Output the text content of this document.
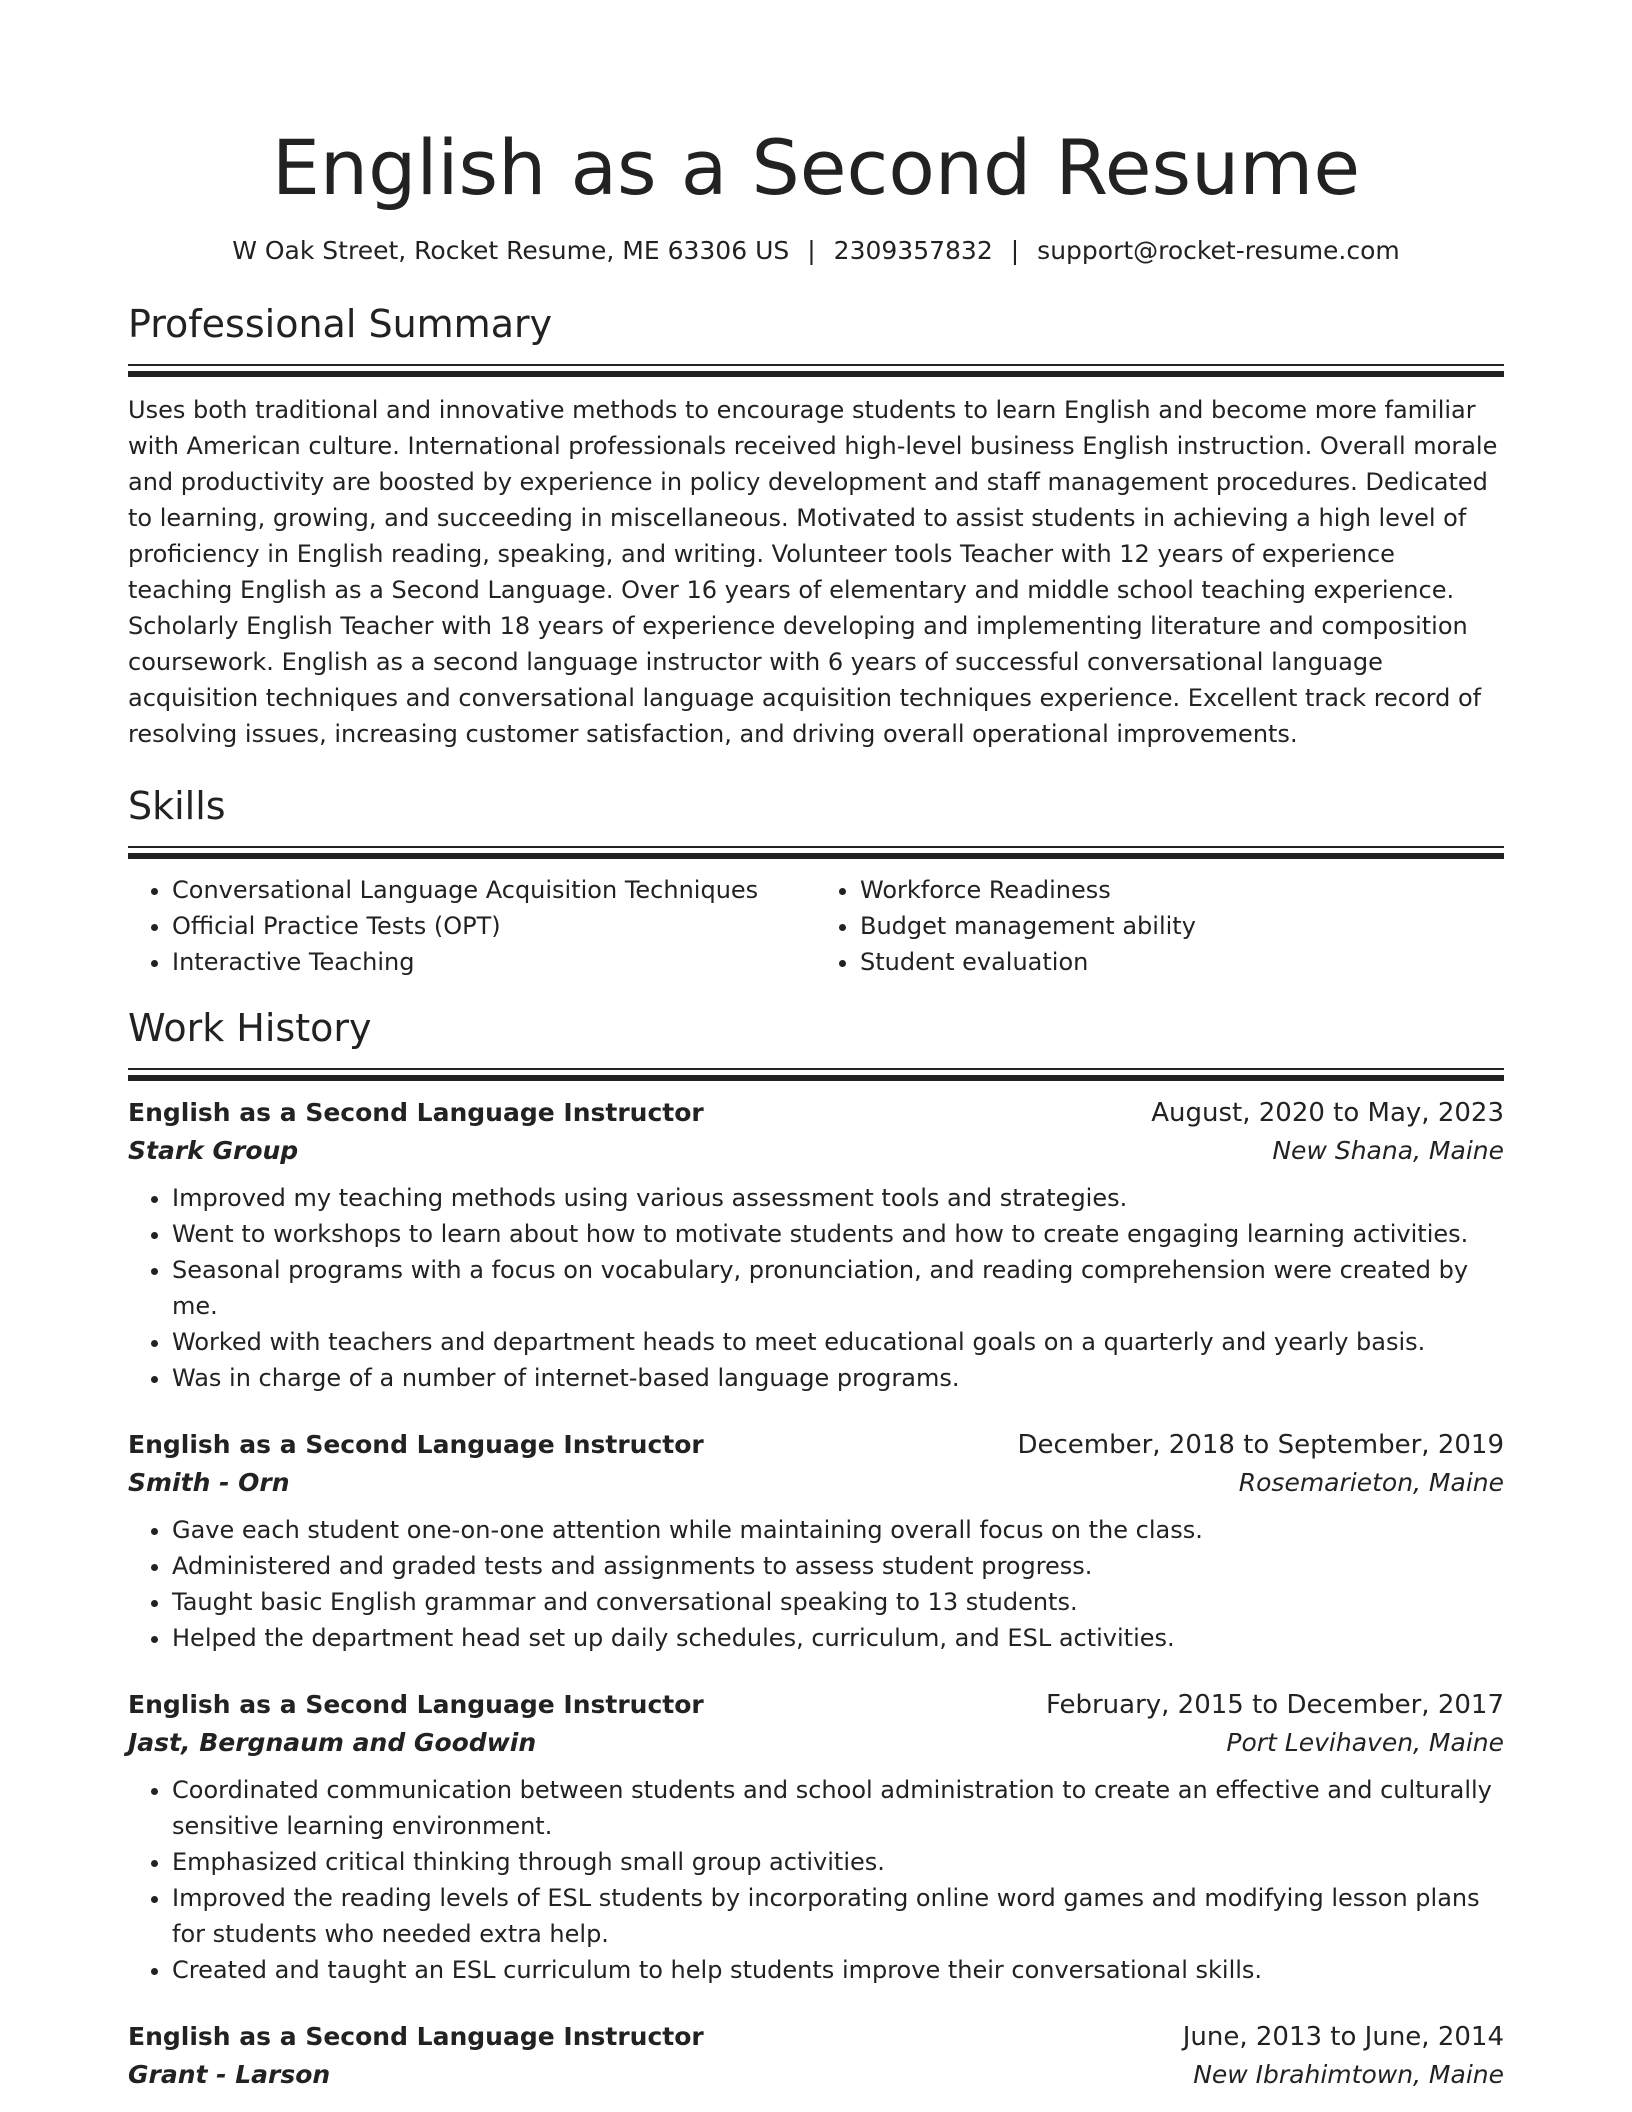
English as a Second Resume
W Oak Street, Rocket Resume, ME 63306 US | 2309357832 | support@rocket-resume.com
Professional Summary

Uses both traditional and innovative methods to encourage students to learn English and become more familiar with American culture. International professionals received high-level business English instruction. Overall morale and productivity are boosted by experience in policy development and staff management procedures. Dedicated to learning, growing, and succeeding in miscellaneous. Motivated to assist students in achieving a high level of proficiency in English reading, speaking, and writing. Volunteer tools Teacher with 12 years of experience teaching English as a Second Language. Over 16 years of elementary and middle school teaching experience. Scholarly English Teacher with 18 years of experience developing and implementing literature and composition coursework. English as a second language instructor with 6 years of successful conversational language acquisition techniques and conversational language acquisition techniques experience. Excellent track record of resolving issues, increasing customer satisfaction, and driving overall operational improvements.

Skills
• Conversational Language Acquisition Techniques
• Official Practice Tests (OPT)
• Interactive Teaching
• Workforce Readiness
• Budget management ability
• Student evaluation
Work History
English as a Second Language Instructor	August, 2020 to May, 2023
Stark Group	New Shana, Maine
• Improved my teaching methods using various assessment tools and strategies.
• Went to workshops to learn about how to motivate students and how to create engaging learning activities.
• Seasonal programs with a focus on vocabulary, pronunciation, and reading comprehension were created by me.
• Worked with teachers and department heads to meet educational goals on a quarterly and yearly basis.
• Was in charge of a number of internet-based language programs.
English as a Second Language Instructor	December, 2018 to September, 2019
Smith - Orn	Rosemarieton, Maine
• Gave each student one-on-one attention while maintaining overall focus on the class.
• Administered and graded tests and assignments to assess student progress.
• Taught basic English grammar and conversational speaking to 13 students.
• Helped the department head set up daily schedules, curriculum, and ESL activities.
English as a Second Language Instructor	February, 2015 to December, 2017
Jast, Bergnaum and Goodwin	Port Levihaven, Maine
• Coordinated communication between students and school administration to create an effective and culturally sensitive learning environment.
• Emphasized critical thinking through small group activities.
• Improved the reading levels of ESL students by incorporating online word games and modifying lesson plans for students who needed extra help.
• Created and taught an ESL curriculum to help students improve their conversational skills.
English as a Second Language Instructor	June, 2013 to June, 2014
Grant - Larson	New Ibrahimtown, Maine
